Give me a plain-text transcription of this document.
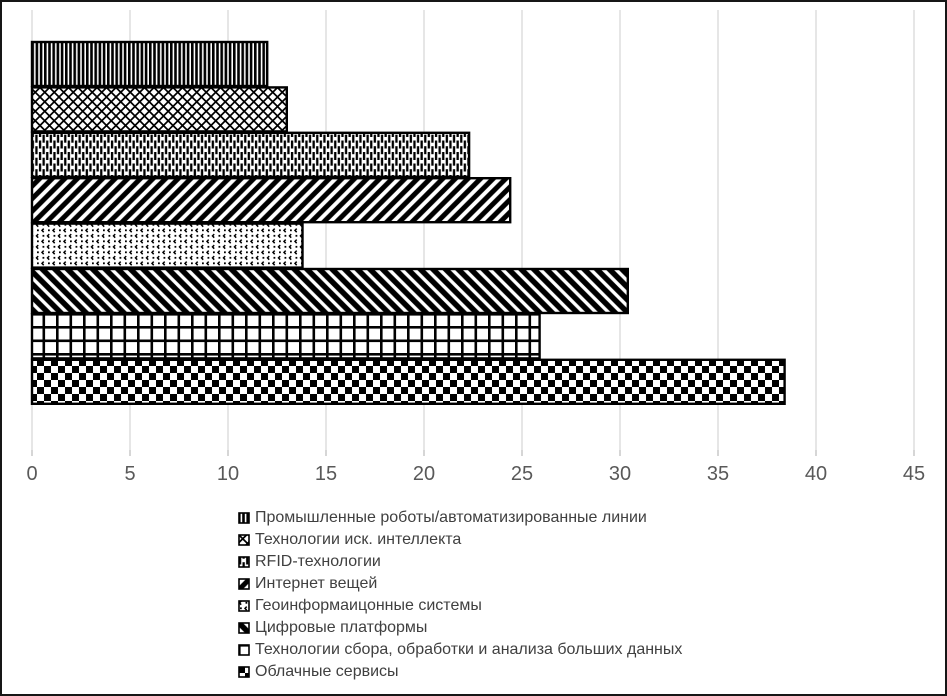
0	5	10	15	20	25	30	35	40	45
Промышленные роботы/автоматизированные линии
Технологии иск. интеллекта
RFID-технологии
Интернет вещей
Геоинформаицонные системы
Цифровые платформы
Технологии сбора, обработки и анализа больших данных
Облачные сервисы
